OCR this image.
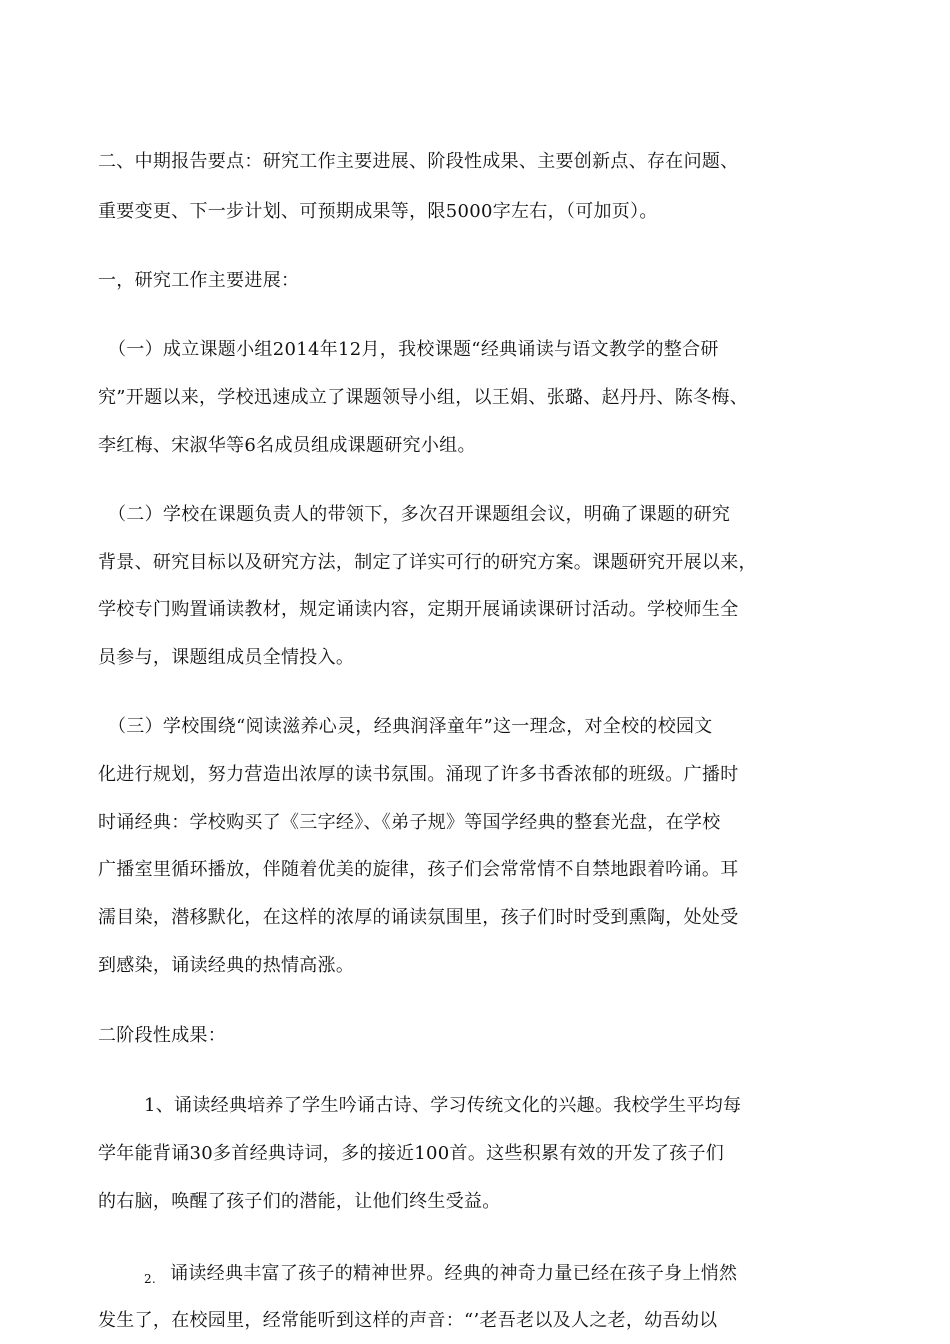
二、中期报告要点：研究工作主要进展、阶段性成果、主要创新点、存在问题、
重要变更、下一步计划、可预期成果等，限5000字左右，（可加页）。
一，研究工作主要进展：
（一）成立课题小组2014年12月，我校课题“经典诵读与语文教学的整合研
究”开题以来，学校迅速成立了课题领导小组，以王娟、张璐、赵丹丹、陈冬梅、
李红梅、宋淑华等6名成员组成课题研究小组。
（二）学校在课题负责人的带领下，多次召开课题组会议，明确了课题的研究
背景、研究目标以及研究方法，制定了详实可行的研究方案。课题研究开展以来，
学校专门购置诵读教材，规定诵读内容，定期开展诵读课研讨活动。学校师生全
员参与，课题组成员全情投入。
（三）学校围绕“阅读滋养心灵，经典润泽童年”这一理念，对全校的校园文
化进行规划，努力营造出浓厚的读书氛围。涌现了许多书香浓郁的班级。广播时
时诵经典：学校购买了《三字经》、《弟子规》等国学经典的整套光盘，在学校
广播室里循环播放，伴随着优美的旋律，孩子们会常常情不自禁地跟着吟诵。耳
濡目染，潜移默化，在这样的浓厚的诵读氛围里，孩子们时时受到熏陶，处处受
到感染，诵读经典的热情高涨。
二阶段性成果：
1、诵读经典培养了学生吟诵古诗、学习传统文化的兴趣。我校学生平均每
学年能背诵30多首经典诗词，多的接近100首。这些积累有效的开发了孩子们
的右脑，唤醒了孩子们的潜能，让他们终生受益。
$_{2.}$ 诵读经典丰富了孩子的精神世界。经典的神奇力量已经在孩子身上悄然
发生了，在校园里，经常能听到这样的声音：“’老吾老以及人之老，幼吾幼以
